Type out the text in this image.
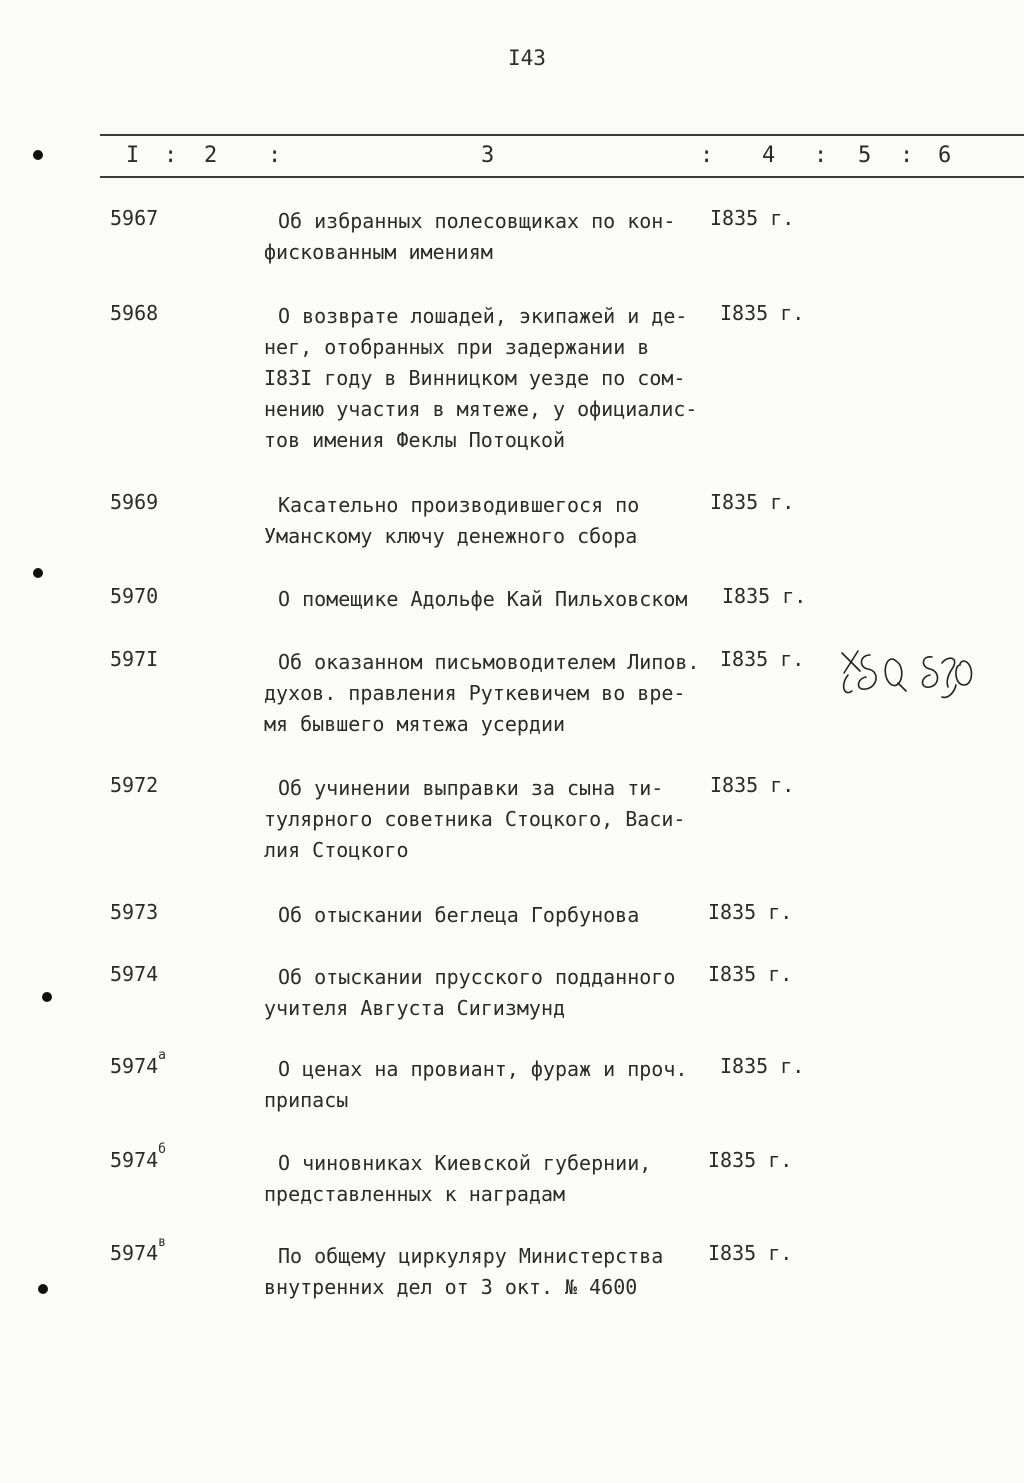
I43
I : 2 :	3	: 4 : 5 : 6
5967	Об избранных полесовщиках по кон-
фискованным имениям
I835 г.
5968	О возврате лошадей, экипажей и де-
нег, отобранных при задержании в
I83I году в Винницком уезде по сом-
нению участия в мятеже, у официалис-
тов имения Феклы Потоцкой
I835 г.
5969	Касательно производившегося по
Уманскому ключу денежного сбора
I835 г.
5970	О помещике Адольфе Кай Пильховском I835 г.
597I	Об оказанном письмоводителем Липов.
духов. правления Руткевичем во вре-
мя бывшего мятежа усердии
I835 г.
5972	Об учинении выправки за сына ти-
тулярного советника Стоцкого, Васи-
лия Стоцкого
I835 г.
5973	Об отыскании беглеца Горбунова	I835 г.
5974	Об отыскании прусского подданного
учителя Августа Сигизмунд
I835 г.
$5974^а$
О ценах на провиант, фураж и проч.
припасы
I835 г.
$5974^б$
О чиновниках Киевской губернии,
представленных к наградам
I835 г.
$5974^в$
По общему циркуляру Министерства
внутренних дел от 3 окт. № 4600
I835 г.
